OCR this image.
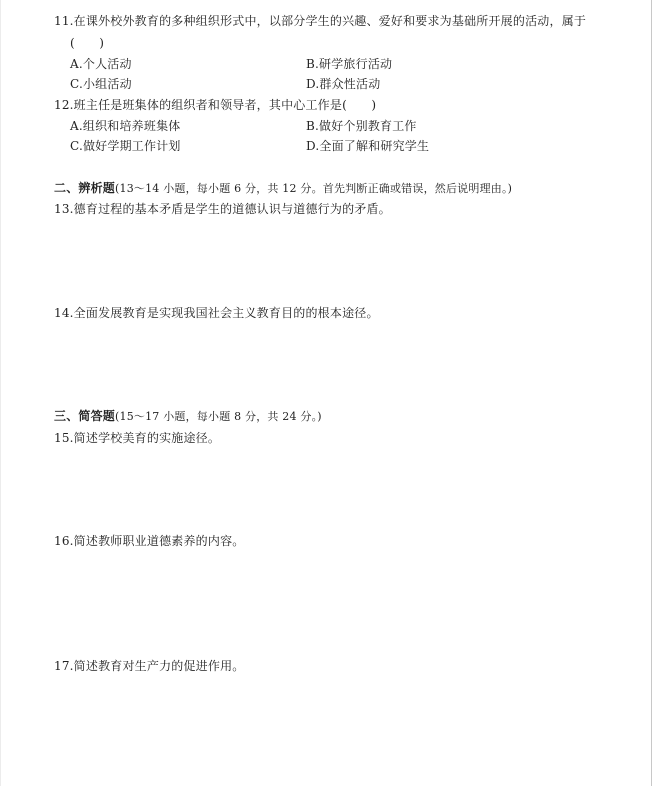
11.在课外校外教育的多种组织形式中，以部分学生的兴趣、爱好和要求为基础所开展的活动，属于
(　　)
A.个人活动	B.研学旅行活动
C.小组活动	D.群众性活动
12.班主任是班集体的组织者和领导者，其中心工作是(　　)
A.组织和培养班集体	B.做好个别教育工作
C.做好学期工作计划	D.全面了解和研究学生
二、辨析题(13～14 小题，每小题 6 分，共 12 分。首先判断正确或错误，然后说明理由。)
13.德育过程的基本矛盾是学生的道德认识与道德行为的矛盾。
14.全面发展教育是实现我国社会主义教育目的的根本途径。
三、简答题(15～17 小题，每小题 8 分，共 24 分。)
15.简述学校美育的实施途径。
16.简述教师职业道德素养的内容。
17.简述教育对生产力的促进作用。
